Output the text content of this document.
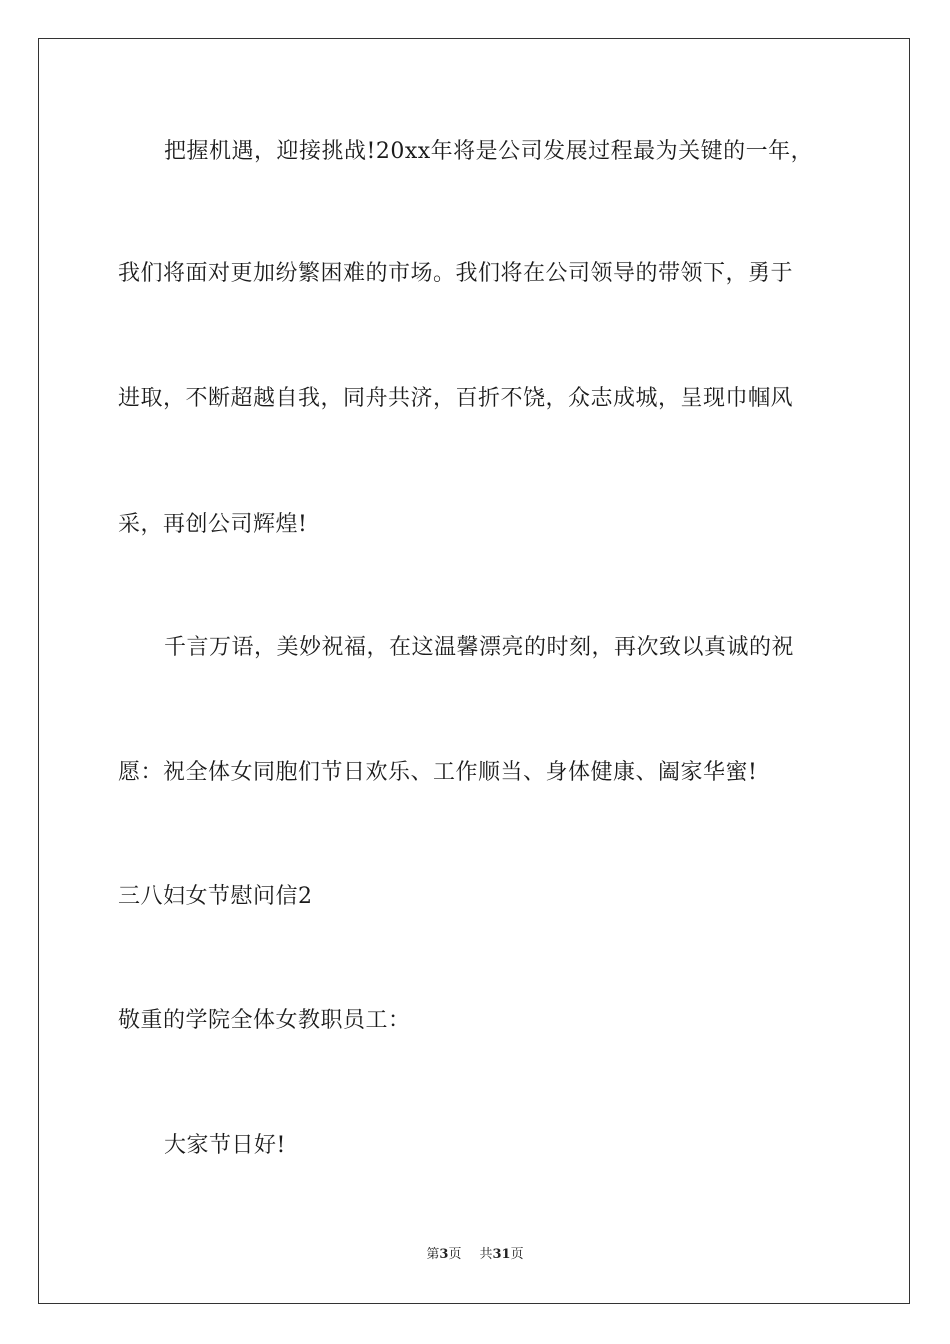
把握机遇，迎接挑战!20xx年将是公司发展过程最为关键的一年，
我们将面对更加纷繁困难的市场。我们将在公司领导的带领下，勇于
进取，不断超越自我，同舟共济，百折不饶，众志成城，呈现巾帼风
采，再创公司辉煌!
千言万语，美妙祝福，在这温馨漂亮的时刻，再次致以真诚的祝
愿：祝全体女同胞们节日欢乐、工作顺当、身体健康、阖家华蜜!
三八妇女节慰问信2
敬重的学院全体女教职员工：
大家节日好!
第3页 共31页
